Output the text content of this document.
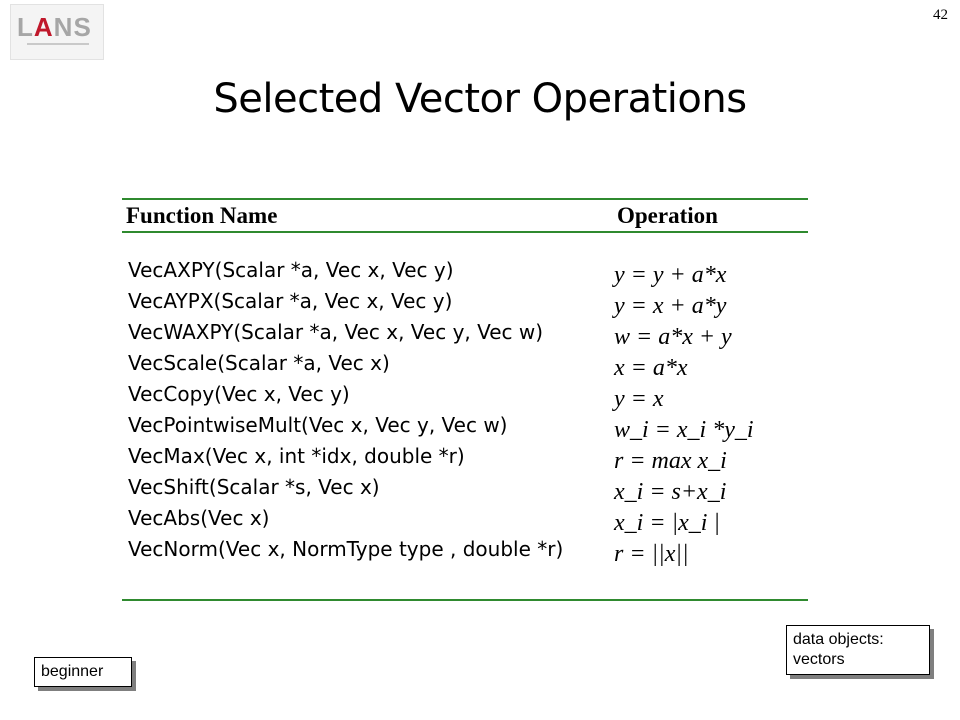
LANS	42
Selected Vector Operations
Function Name	Operation
VecAXPY(Scalar *a, Vec x, Vec y)	y = y + a*x
VecAYPX(Scalar *a, Vec x, Vec y)	y = x + a*y
VecWAXPY(Scalar *a, Vec x, Vec y, Vec w)	w = a*x + y
VecScale(Scalar *a, Vec x)	x = a*x
VecCopy(Vec x, Vec y)	y = x
VecPointwiseMult(Vec x, Vec y, Vec w)	w_i = x_i *y_i
VecMax(Vec x, int *idx, double *r)	r = max x_i
VecShift(Scalar *s, Vec x)	x_i = s+x_i
VecAbs(Vec x)	x_i = |x_i |
VecNorm(Vec x, NormType type , double *r) r = ||x||
beginner
data objects:
vectors
